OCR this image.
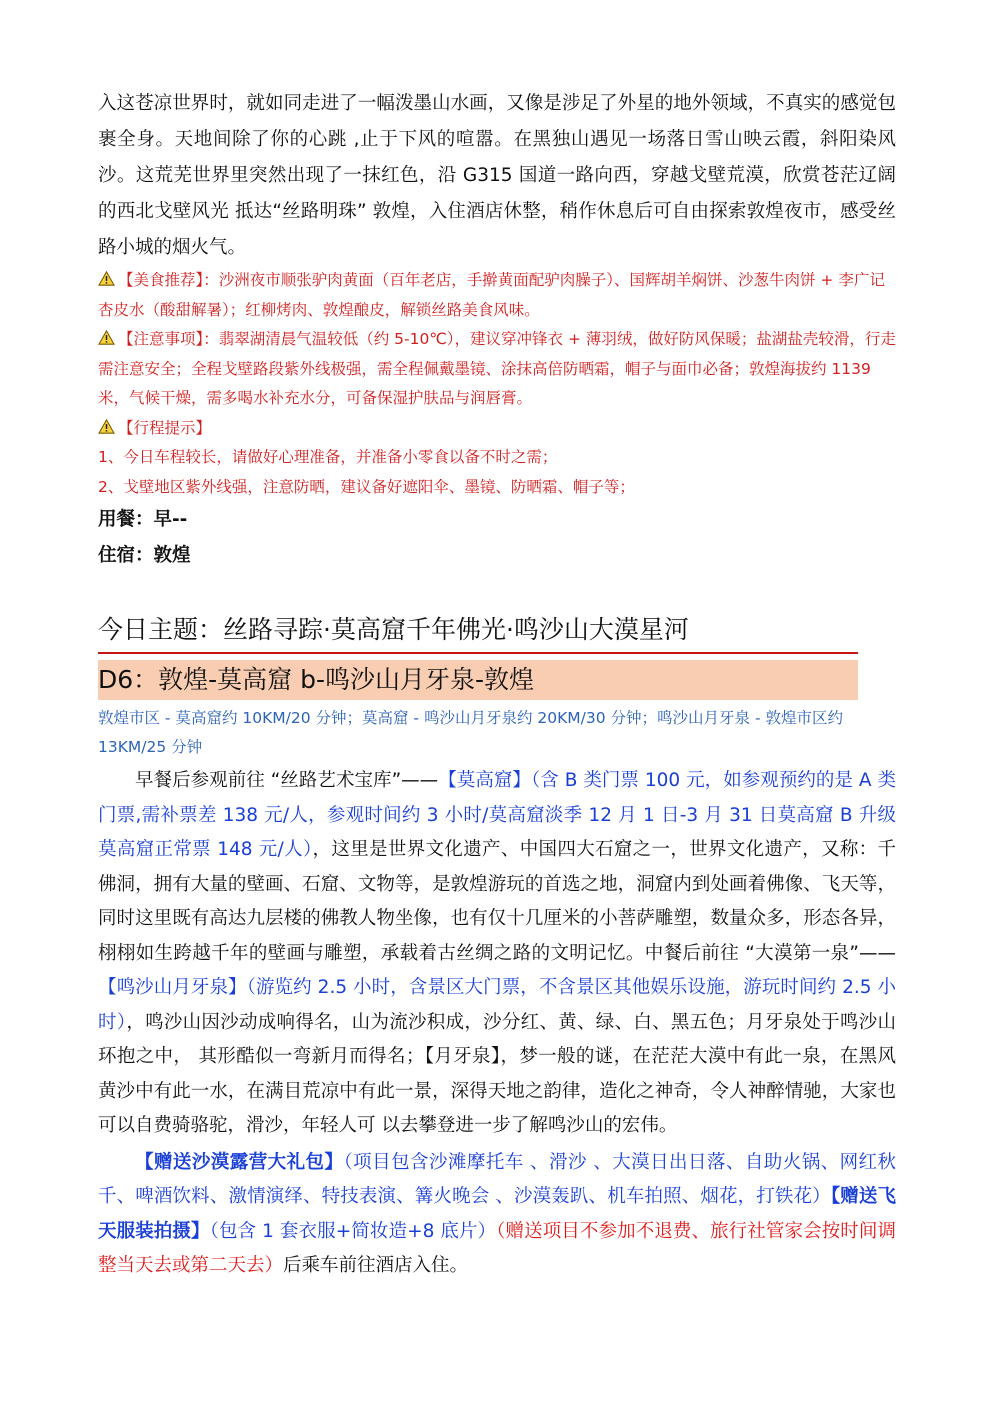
入这苍凉世界时，就如同走进了一幅泼墨山水画，又像是涉足了外星的地外领域，不真实的感觉包裹全身。天地间除了你的心跳 ,止于下风的喧嚣。在黑独山遇见一场落日雪山映云霞，斜阳染风沙。这荒芜世界里突然出现了一抹红色，沿 G315 国道一路向西，穿越戈壁荒漠，欣赏苍茫辽阔的西北戈壁风光 抵达“丝路明珠” 敦煌，入住酒店休整，稍作休息后可自由探索敦煌夜市，感受丝路小城的烟火气。

【美食推荐】：沙洲夜市顺张驴肉黄面（百年老店，手擀黄面配驴肉臊子）、国辉胡羊焖饼、沙葱牛肉饼 + 李广记杏皮水（酸甜解暑）；红柳烤肉、敦煌酿皮，解锁丝路美食风味。

【注意事项】：翡翠湖清晨气温较低（约 5-10℃），建议穿冲锋衣 + 薄羽绒，做好防风保暖；盐湖盐壳较滑，行走需注意安全；全程戈壁路段紫外线极强，需全程佩戴墨镜、涂抹高倍防晒霜，帽子与面巾必备；敦煌海拔约 1139 米，气候干燥，需多喝水补充水分，可备保湿护肤品与润唇膏。

【行程提示】

1、今日车程较长，请做好心理准备，并准备小零食以备不时之需；

2、戈壁地区紫外线强，注意防晒，建议备好遮阳伞、墨镜、防晒霜、帽子等；

用餐：早--

住宿：敦煌

今日主题：丝路寻踪·莫高窟千年佛光·鸣沙山大漠星河
D6：敦煌-莫高窟 b-鸣沙山月牙泉-敦煌
敦煌市区 - 莫高窟约 10KM/20 分钟；莫高窟 - 鸣沙山月牙泉约 20KM/30 分钟；鸣沙山月牙泉 - 敦煌市区约 13KM/25 分钟

早餐后参观前往 “丝路艺术宝库”——【莫高窟】（含 B 类门票 100 元，如参观预约的是 A 类门票,需补票差 138 元/人，参观时间约 3 小时/莫高窟淡季 12 月 1 日-3 月 31 日莫高窟 B 升级莫高窟正常票 148 元/人），这里是世界文化遗产、中国四大石窟之一，世界文化遗产，又称：千佛洞，拥有大量的壁画、石窟、文物等，是敦煌游玩的首选之地，洞窟内到处画着佛像、飞天等，同时这里既有高达九层楼的佛教人物坐像，也有仅十几厘米的小菩萨雕塑，数量众多，形态各异，栩栩如生跨越千年的壁画与雕塑，承载着古丝绸之路的文明记忆。中餐后前往 “大漠第一泉”—— 【鸣沙山月牙泉】（游览约 2.5 小时，含景区大门票，不含景区其他娱乐设施，游玩时间约 2.5 小时），鸣沙山因沙动成响得名，山为流沙积成，沙分红、黄、绿、白、黑五色；月牙泉处于鸣沙山环抱之中， 其形酷似一弯新月而得名；【月牙泉】，梦一般的谜，在茫茫大漠中有此一泉，在黑风黄沙中有此一水，在满目荒凉中有此一景，深得天地之韵律，造化之神奇，令人神醉情驰，大家也可以自费骑骆驼，滑沙，年轻人可 以去攀登进一步了解鸣沙山的宏伟。

【赠送沙漠露营大礼包】（项目包含沙滩摩托车 、滑沙 、大漠日出日落、自助火锅、网红秋千、啤酒饮料、激情演绎、特技表演、篝火晚会 、沙漠轰趴、机车拍照、烟花，打铁花）【赠送飞天服装拍摄】（包含 1 套衣服+简妆造+8 底片）（赠送项目不参加不退费、旅行社管家会按时间调整当天去或第二天去）后乘车前往酒店入住。
